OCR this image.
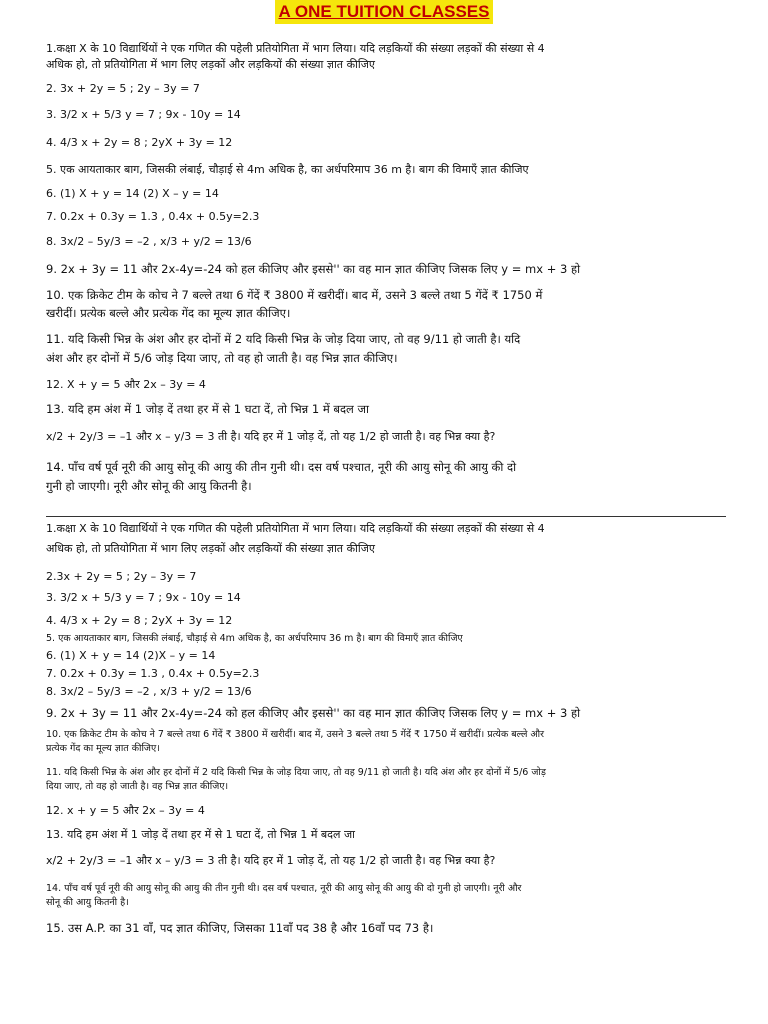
A ONE TUITION CLASSES
1.कक्षा X के 10 विद्यार्थियों ने एक गणित की पहेली प्रतियोगिता में भाग लिया। यदि लड़कियों की संख्या लड़कों की संख्या से 4
अधिक हो, तो प्रतियोगिता में भाग लिए लड़कों और लड़कियों की संख्या ज्ञात कीजिए
2. 3x + 2y = 5 ; 2y – 3y = 7
3. 3/2 x + 5/3 y = 7 ; 9x - 10y = 14
4. 4/3 x + 2y = 8 ; 2yX + 3y = 12
5. एक आयताकार बाग, जिसकी लंबाई, चौड़ाई से 4m अधिक है, का अर्धपरिमाप 36 m है। बाग की विमाएँ ज्ञात कीजिए
6. (1) X + y = 14 (2) X – y = 14
7. 0.2x + 0.3y = 1.3 , 0.4x + 0.5y=2.3
8. 3x/2 – 5y/3 = –2 , x/3 + y/2 = 13/6
9. 2x + 3y = 11 और 2x-4y=-24 को हल कीजिए और इससे'' का वह मान ज्ञात कीजिए जिसक लिए y = mx + 3 हो
10. एक क्रिकेट टीम के कोच ने 7 बल्ले तथा 6 गेंदें ₹ 3800 में खरीदीं। बाद में, उसने 3 बल्ले तथा 5 गेंदें ₹ 1750 में
खरीदीं। प्रत्येक बल्ले और प्रत्येक गेंद का मूल्य ज्ञात कीजिए।
11. यदि किसी भिन्न के अंश और हर दोनों में 2 यदि किसी भिन्न के जोड़ दिया जाए, तो वह 9/11 हो जाती है। यदि
अंश और हर दोनों में 5/6 जोड़ दिया जाए, तो वह हो जाती है। वह भिन्न ज्ञात कीजिए।
12. X + y = 5 और 2x – 3y = 4
13. यदि हम अंश में 1 जोड़ दें तथा हर में से 1 घटा दें, तो भिन्न 1 में बदल जा
x/2 + 2y/3 = –1 और x – y/3 = 3 ती है। यदि हर में 1 जोड़ दें, तो यह 1/2 हो जाती है। वह भिन्न क्या है?
14. पाँच वर्ष पूर्व नूरी की आयु सोनू की आयु की तीन गुनी थी। दस वर्ष पश्चात, नूरी की आयु सोनू की आयु की दो
गुनी हो जाएगी। नूरी और सोनू की आयु कितनी है।
1.कक्षा X के 10 विद्यार्थियों ने एक गणित की पहेली प्रतियोगिता में भाग लिया। यदि लड़कियों की संख्या लड़कों की संख्या से 4
अधिक हो, तो प्रतियोगिता में भाग लिए लड़कों और लड़कियों की संख्या ज्ञात कीजिए
2.3x + 2y = 5 ; 2y – 3y = 7
3. 3/2 x + 5/3 y = 7 ; 9x - 10y = 14
4. 4/3 x + 2y = 8 ; 2yX + 3y = 12
5. एक आयताकार बाग, जिसकी लंबाई, चौड़ाई से 4m अधिक है, का अर्धपरिमाप 36 m है। बाग की विमाएँ ज्ञात कीजिए
6. (1) X + y = 14 (2)X – y = 14
7. 0.2x + 0.3y = 1.3 , 0.4x + 0.5y=2.3
8. 3x/2 – 5y/3 = –2 , x/3 + y/2 = 13/6
9. 2x + 3y = 11 और 2x-4y=-24 को हल कीजिए और इससे'' का वह मान ज्ञात कीजिए जिसक लिए y = mx + 3 हो
10. एक क्रिकेट टीम के कोच ने 7 बल्ले तथा 6 गेंदें ₹ 3800 में खरीदीं। बाद में, उसने 3 बल्ले तथा 5 गेंदें ₹ 1750 में खरीदीं। प्रत्येक बल्ले और
प्रत्येक गेंद का मूल्य ज्ञात कीजिए।
11. यदि किसी भिन्न के अंश और हर दोनों में 2 यदि किसी भिन्न के जोड़ दिया जाए, तो वह 9/11 हो जाती है। यदि अंश और हर दोनों में 5/6 जोड़
दिया जाए, तो वह हो जाती है। वह भिन्न ज्ञात कीजिए।
12. x + y = 5 और 2x – 3y = 4
13. यदि हम अंश में 1 जोड़ दें तथा हर में से 1 घटा दें, तो भिन्न 1 में बदल जा
x/2 + 2y/3 = –1 और x – y/3 = 3 ती है। यदि हर में 1 जोड़ दें, तो यह 1/2 हो जाती है। वह भिन्न क्या है?
14. पाँच वर्ष पूर्व नूरी की आयु सोनू की आयु की तीन गुनी थी। दस वर्ष पश्चात, नूरी की आयु सोनू की आयु की दो गुनी हो जाएगी। नूरी और
सोनू की आयु कितनी है।
15. उस A.P. का 31 वाँ, पद ज्ञात कीजिए, जिसका 11वाँ पद 38 है और 16वाँ पद 73 है।
